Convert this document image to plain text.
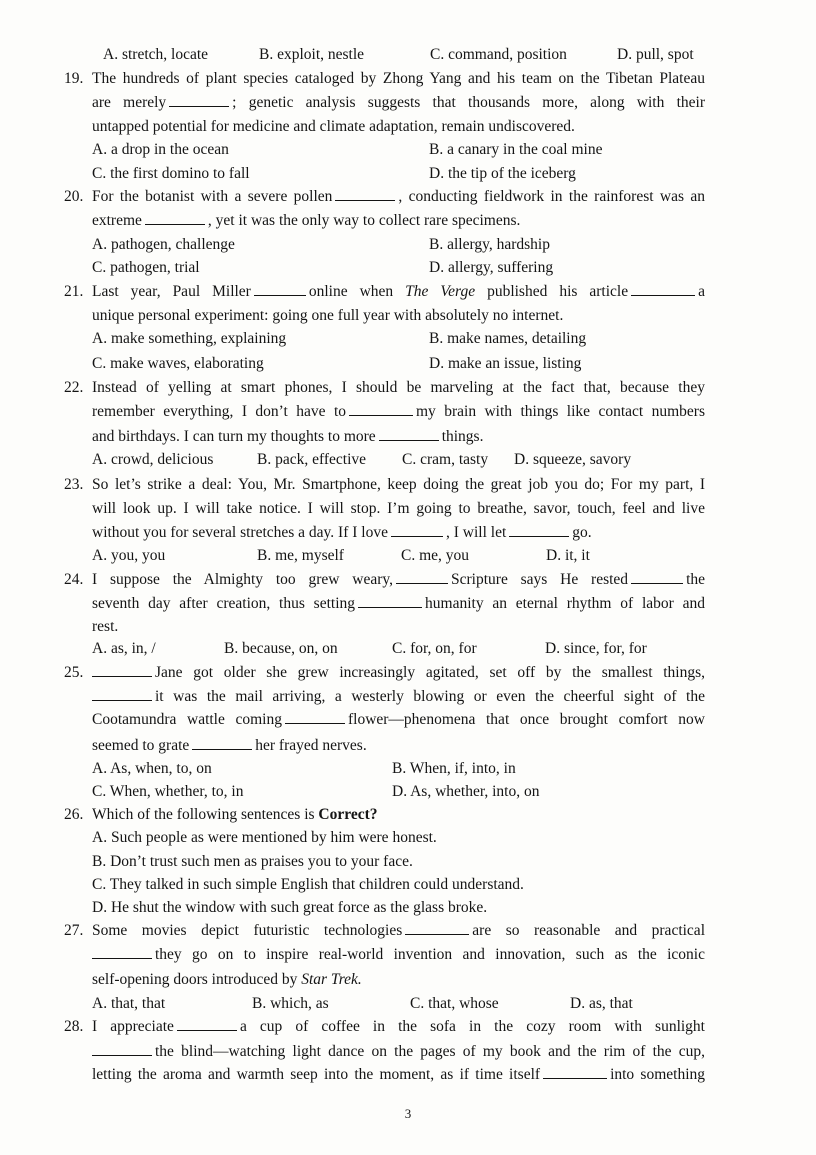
A. stretch, locate	B. exploit, nestle	C. command, position	D. pull, spot
19. The hundreds of plant species cataloged by Zhong Yang and his team on the Tibetan Plateau
are merely	; genetic analysis suggests that thousands more, along with their
untapped potential for medicine and climate adaptation, remain undiscovered.
A. a drop in the ocean	B. a canary in the coal mine
C. the first domino to fall	D. the tip of the iceberg
20. For the botanist with a severe pollen	, conducting fieldwork in the rainforest was an
extreme	, yet it was the only way to collect rare specimens.
A. pathogen, challenge	B. allergy, hardship
C. pathogen, trial	D. allergy, suffering
21. Last year, Paul Miller	online when The Verge published his article	a
unique personal experiment: going one full year with absolutely no internet.
A. make something, explaining	B. make names, detailing
C. make waves, elaborating	D. make an issue, listing
22. Instead of yelling at smart phones, I should be marveling at the fact that, because they
remember everything, I don’t have to	my brain with things like contact numbers
and birthdays. I can turn my thoughts to more	things.
A. crowd, delicious	B. pack, effective C. cram, tasty D. squeeze, savory
23. So let’s strike a deal: You, Mr. Smartphone, keep doing the great job you do; For my part, I
will look up. I will take notice. I will stop. I’m going to breathe, savor, touch, feel and live
without you for several stretches a day. If I love	, I will let	go.
A. you, you	B. me, myself	C. me, you	D. it, it
24. I suppose the Almighty too grew weary,	Scripture says He rested	the
seventh day after creation, thus setting	humanity an eternal rhythm of labor and
rest.
A. as, in, /	B. because, on, on	C. for, on, for	D. since, for, for
25.	Jane got older she grew increasingly agitated, set off by the smallest things,
it was the mail arriving, a westerly blowing or even the cheerful sight of the
Cootamundra wattle coming	flower—phenomena that once brought comfort now
seemed to grate	her frayed nerves.
A. As, when, to, on	B. When, if, into, in
C. When, whether, to, in	D. As, whether, into, on
26. Which of the following sentences is Correct?
A. Such people as were mentioned by him were honest.
B. Don’t trust such men as praises you to your face.
C. They talked in such simple English that children could understand.
D. He shut the window with such great force as the glass broke.
27. Some movies depict futuristic technologies	are so reasonable and practical
they go on to inspire real-world invention and innovation, such as the iconic
self-opening doors introduced by Star Trek.
A. that, that	B. which, as	C. that, whose	D. as, that
28. I appreciate	a cup of coffee in the sofa in the cozy room with sunlight
the blind—watching light dance on the pages of my book and the rim of the cup,
letting the aroma and warmth seep into the moment, as if time itself	into something
3
